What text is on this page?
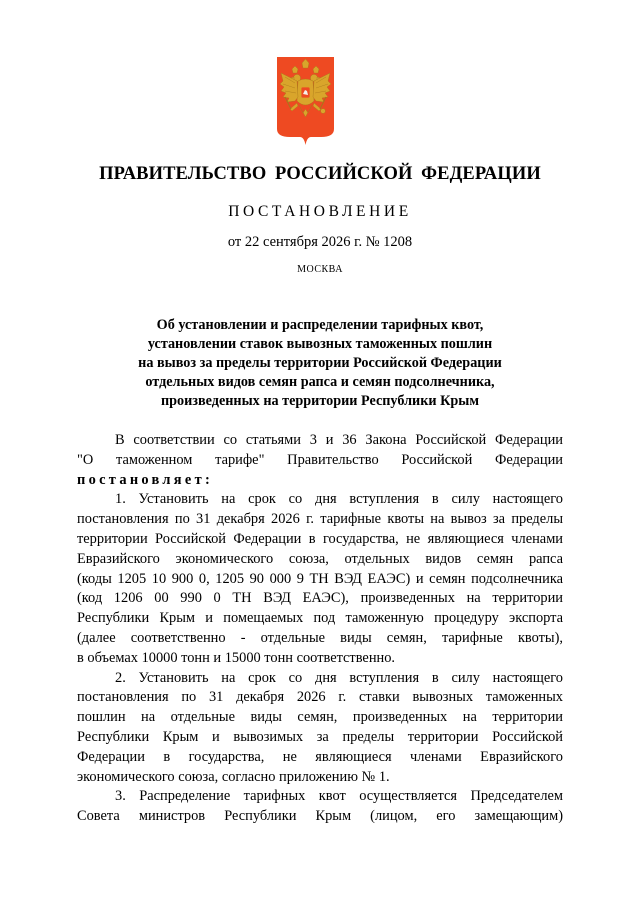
ПРАВИТЕЛЬСТВО РОССИЙСКОЙ ФЕДЕРАЦИИ
ПОСТАНОВЛЕНИЕ
от 22 сентября 2026 г. № 1208
МОСКВА
Об установлении и распределении тарифных квот,
установлении ставок вывозных таможенных пошлин
на вывоз за пределы территории Российской Федерации
отдельных видов семян рапса и семян подсолнечника,
произведенных на территории Республики Крым
В соответствии со статьями 3 и 36 Закона Российской Федерации
"О таможенном тарифе" Правительство Российской Федерации
постановляет:
1. Установить на срок со дня вступления в силу настоящего
постановления по 31 декабря 2026 г. тарифные квоты на вывоз за пределы
территории Российской Федерации в государства, не являющиеся членами
Евразийского экономического союза, отдельных видов семян рапса
(коды 1205 10 900 0, 1205 90 000 9 ТН ВЭД ЕАЭС) и семян подсолнечника
(код 1206 00 990 0 ТН ВЭД ЕАЭС), произведенных на территории
Республики Крым и помещаемых под таможенную процедуру экспорта
(далее соответственно - отдельные виды семян, тарифные квоты),
в объемах 10000 тонн и 15000 тонн соответственно.
2. Установить на срок со дня вступления в силу настоящего
постановления по 31 декабря 2026 г. ставки вывозных таможенных
пошлин на отдельные виды семян, произведенных на территории
Республики Крым и вывозимых за пределы территории Российской
Федерации в государства, не являющиеся членами Евразийского
экономического союза, согласно приложению № 1.
3. Распределение тарифных квот осуществляется Председателем
Совета министров Республики Крым (лицом, его замещающим)
